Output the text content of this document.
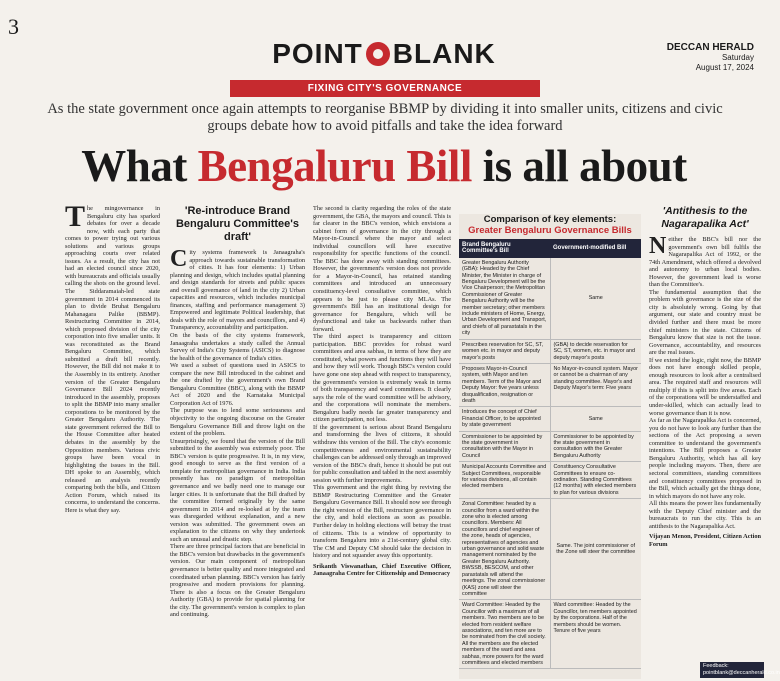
3
POINT BLANK	DECCAN HERALD
Saturday
August 17, 2024
FIXING CITY'S GOVERNANCE
As the state government once again attempts to reorganise BBMP by dividing it into smaller units, citizens and civic groups debate how to avoid pitfalls and take the idea forward
What Bengaluru Bill is all about
The mingovernance in Bengaluru city has sparked debates for over a decade now, with each party that comes to power trying out various solutions and various groups approaching courts over related issues. As a result, the city has not had an elected council since 2020, with bureaucrats and officials usually calling the shots on the ground level. The Siddaramaiah-led state government in 2014 commenced its plan to divide Bruhat Bengaluru Mahanagara Palike (BBMP). Restructuring Committee in 2014, which proposed division of the city corporation into five smaller units. It was reconstituted as the Brand Bengaluru Committee, which submitted a draft bill recently. However, the Bill did not make it to the Assembly in its entirety. Another version of the Greater Bengaluru Governance Bill 2024 recently introduced in the assembly, proposes to split the BBMP into many smaller corporations to be monitored by the Greater Bengaluru Authority. The state government referred the Bill to the House Committee after heated debates in the assembly by the Opposition members. Various civic groups have been vocal in highlighting the issues in the Bill. DH spoke to an Assembly, which released an analysis recently comparing both the bills, and Citizen Action Forum, which raised its concerns, to understand the concerns. Here is what they say.
'Re-introduce Brand Bengaluru Committee's draft'

City systems framework is Janaagraha's approach towards sustainable transformation of cities. It has four elements: 1) Urban planning and design, which includes spatial planning and design standards for streets and public spaces and overall governance of land in the city 2) Urban capacities and resources, which includes municipal finances, staffing and performance management 3) Empowered and legitimate Political leadership, that deals with the role of mayors and councillors, and 4) Transparency, accountability and participation.

On the basis of the city systems framework, Janaagraha undertakes a study called the Annual Survey of India's City Systems (ASICS) to diagnose the health of the governance of India's cities.

We used a subset of questions used in ASICS to compare the new Bill introduced in the cabinet and the one drafted by the government's own Brand Bengaluru Committee (BBC), along with the BBMP Act of 2020 and the Karnataka Municipal Corporation Act of 1976.

The purpose was to lend some seriousness and objectivity to the ongoing discourse on the Greater Bengaluru Governance Bill and throw light on the extent of the problem.

Unsurprisingly, we found that the version of the Bill submitted to the assembly was extremely poor. The BBC's version is quite progressive. It is, in my view, good enough to serve as the first version of a template for metropolitan governance in India. India presently has no paradigm of metropolitan governance and we badly need one to manage our larger cities. It is unfortunate that the Bill drafted by the committee formed originally by the same government in 2014 and re-looked at by the team was disregarded without explanation, and a new version was submitted. The government owes an explanation to the citizens on why they undertook such an unusual and drastic step.

There are three principal factors that are beneficial in the BBC's version but drawbacks in the government's version. Our main component of metropolitan governance is better quality and more integrated and coordinated urban planning. BBC's version has fairly progressive and modern provisions for planning. There is also a focus on the Greater Bengaluru Authority (GBA) to provide for spatial planning for the city. The government's version is complex to plan and continuing.

The second is clarity regarding the roles of the state government, the GBA, the mayors and council. This is far clearer in the BBC's version, which envisions a cabinet form of governance in the city through a Mayor-in-Council where the mayor and select individual councillors will have executive responsibility for specific functions of the council. The BBC has done away with standing committees. However, the government's version does not provide for a Mayor-in-Council, has retained standing committees and introduced an unnecessary constituency-level consultative committee, which appears to be just to please city MLAs. The government's Bill has an institutional design for governance for Bengaluru, which will be dysfunctional and take us backwards rather than forward.

The third aspect is transparency and citizen participation. BBC provides for robust ward committees and area sabhas, in terms of how they are constituted, what powers and functions they will have and how they will work. Though BBC's version could have gone one step ahead with respect to transparency, the government's version is extremely weak in terms of both transparency and ward committees. It clearly says the role of the ward committee will be advisory, and the corporations will nominate the members. Bengaluru badly needs far greater transparency and citizen participation, not less.

If the government is serious about Brand Bengaluru and transforming the lives of citizens, it should withdraw this version of the Bill. The city's economic competitiveness and environmental sustainability challenges can be addressed only through an improved version of the BBC's draft, hence it should be put out for public consultation and tabled in the next assembly session with further improvements.

This government and the right thing by reviving the BBMP Restructuring Committee and the Greater Bengaluru Governance Bill. It should now see through the right version of the Bill, restructure governance in the city, and hold elections as soon as possible. Further delay in holding elections will betray the trust of citizens. This is a window of opportunity to transform Bengaluru into a 21st-century global city. The CM and Deputy CM should take the decision in history and not squander away this opportunity.

Srikanth Viswanathan, Chief Executive Officer, Janaagraha Centre for Citizenship and Democracy

Comparison of key elements:
Greater Bengaluru Governance Bills
Brand Bengaluru Committee's Bill	Government-modified Bill
Greater Bengaluru Authority (GBA): Headed by the Chief Minister, the Minister in charge of Bengaluru Development will be the Vice Chairperson; the Metropolitan Commissioner of Greater Bengaluru Authority will be the member secretary; other members include ministers of Home, Energy, Urban Development and Transport, and chiefs of all parastatals in the city	Same
Prescribes reservation for SC, ST, women etc. in mayor and deputy mayor's posts	(GBA) to decide reservation for SC, ST, women, etc. in mayor and deputy mayor's posts
Proposes Mayor-in-Council system, with Mayor and ten members. Term of the Mayor and Deputy Mayor: five years unless disqualification, resignation or death	No Mayor-in-council system. Mayor or cannot be a chairman of any standing committee. Mayor's and Deputy Mayor's term: Five years
Introduces the concept of Chief Financial Officer, to be appointed by state government	Same
Commissioner to be appointed by the state government in consultation with the Mayor in Council	Commissioner to be appointed by the state government in consultation with the Greater Bengaluru Authority
Municipal Accounts Committee and Subject Committees, responsible for various divisions, all contain elected members	Constituency Consultative Committees to ensure co-ordination. Standing Committees (12 months) with elected members to plan for various divisions
Zonal Committee: headed by a councillor from a ward within the zone who is elected among councillors. Members: All councillors and chief engineer of the zone, heads of agencies, representatives of agencies and urban governance and solid waste management nominated by the Greater Bengaluru Authority. BWSSB, BESCOM, and other parastatals will attend the meetings. The zonal commissioner (KAS) zone will steer the committee	Same. The joint commissioner of the Zone will steer the committee
Ward Committee: Headed by the Councillor with a maximum of all members. Two members are to be elected from resident welfare associations, and ten more are to be nominated from the civil society. All the members are the elected members of the ward and area sabhas, more powers for the ward committees and elected members	Ward committee: Headed by the Councillor, ten members appointed by the corporations. Half of the members should be women. Tenure of five years
'Antithesis to the Nagarapalika Act'

Neither the BBC's bill nor the government's own bill fulfils the Nagarapalika Act of 1992, or the 74th Amendment, which offered a devolved and autonomy to urban local bodies. However, the government lead is worse than the Committee's.

The fundamental assumption that the problem with governance is the size of the city is absolutely wrong. Going by that argument, our state and country must be divided further and there must be more chief ministers in the state. Citizens of Bengaluru know that size is not the issue. Governance, accountability, and resources are the real issues.

If we extend the logic, right now, the BBMP does not have enough skilled people, enough resources to look after a centralised area. The required staff and resources will multiply if this is split into five areas. Each of the corporations will be understaffed and under-skilled, which can actually lead to worse governance than it is now.

As far as the Nagarapalika Act is concerned, you do not have to look any further than the sections of the Act proposing a seven committee to understand the government's intentions. The Bill proposes a Greater Bengaluru Authority, which has all key people including mayors. Then, there are sectoral committees, standing committees and constituency committees proposed in the Bill, which actually get the things done, in which mayors do not have any role.

All this means the power lies fundamentally with the Deputy Chief minister and the bureaucrats to run the city. This is an antithesis to the Nagarapalika Act.

Vijayan Menon, President, Citizen Action Forum

Feedback:
pointblank@deccanherald.co.in
